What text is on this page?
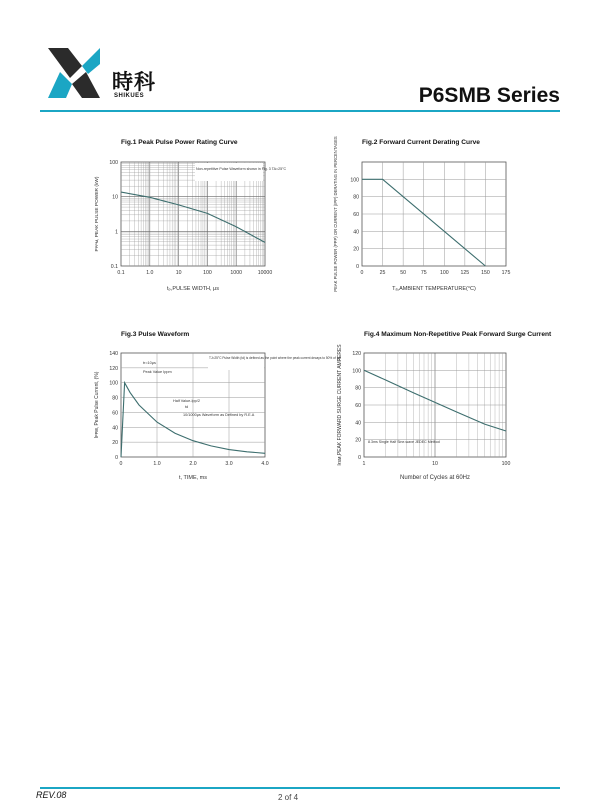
時科
SHIKUES	P6SMB Series
Fig.1 Peak Pulse Power Rating Curve
0.1	1.0	10	100	1000	10000
100
10
1
0.1
Non-repetitive Pulse Waveform shown in Fig. 3 TA=25°C
tₚ,PULSE WIDTH, μs
Pᴘᴘᴍ, PEAK PULSE POWER (kW)
Fig.2 Forward Current Derating Curve
0	25	50	75	100 125 150 175
0
20
40
60
80
100
Tₐ,AMBIENT TEMPERATURE(°C)
PEAK PULSE POWER (PPP) OR CURRENT (IPP) DERATING IN PERCENTAGES
Fig.3 Pulse Waveform
0	1.0	2.0	3.0	4.0
0
20
40
60
80
100
120
140
TJ=25°C Pulse Width (td) is defined as the point where the peak current decays to 50% of Ipp
tr=10μs
Peak Value Ippm
Half Value-Ipp/2
td
10/1000μs Waveform as Defined by R.E.A
t, TIME, ms
Iᴘᴘᴍ, Peak Pulse Current, (%)
Fig.4 Maximum Non-Repetitive Peak Forward Surge Current
1	10	100
0
20
40
60
80
100
120
8.3ms Single Half Sine-wave JEDEC Method
Number of Cycles at 60Hz
Iғѕᴍ,PEAK FORWARD SURGE CURRENT AMPERES
REV.08	2 of 4
